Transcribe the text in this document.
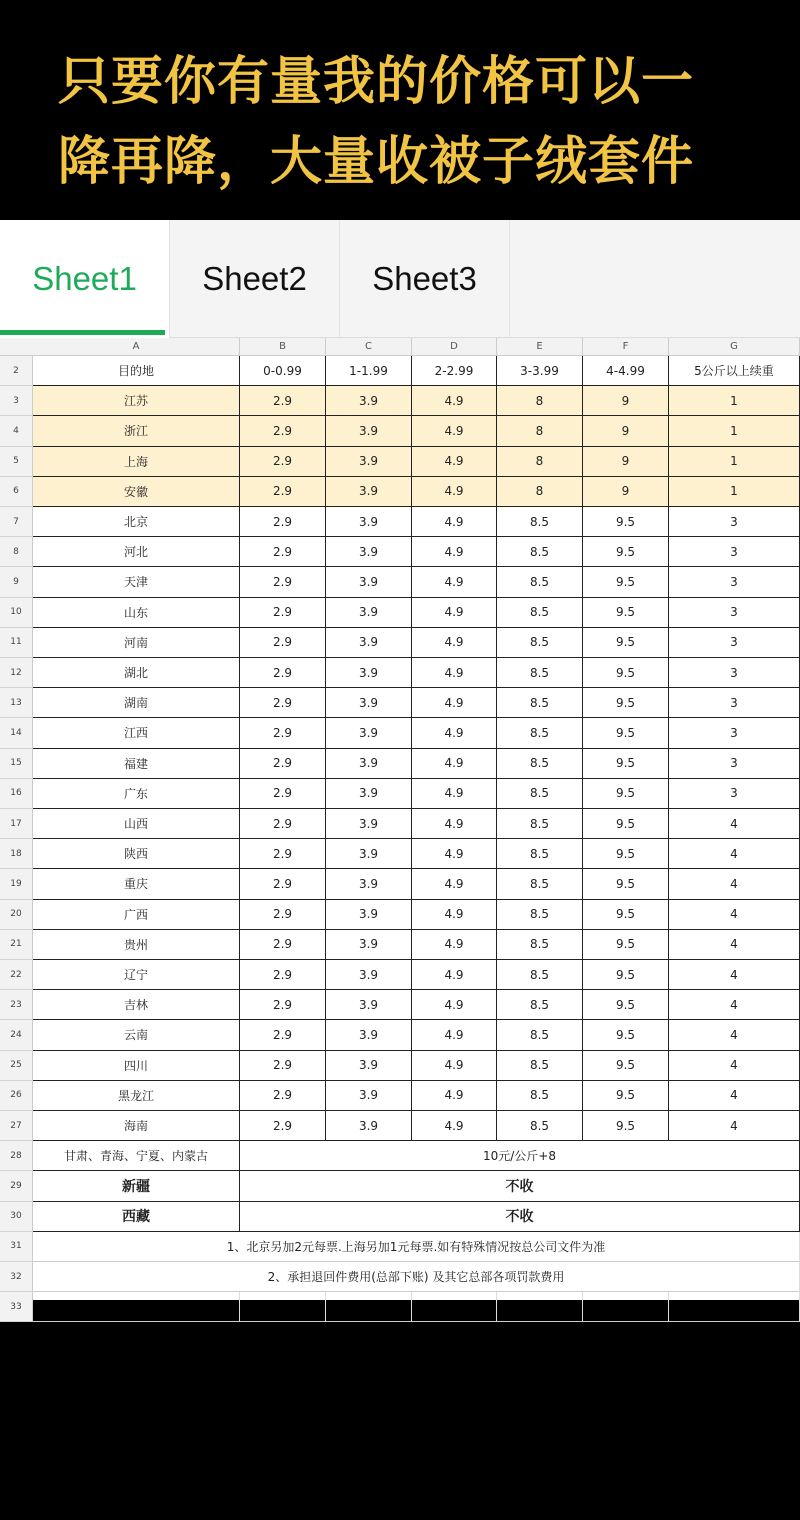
只要你有量我的价格可以一
降再降，大量收被子绒套件
Sheet1	Sheet2	Sheet3
A	B	C	D	E	F	G
2	目的地	0-0.99	1-1.99	2-2.99	3-3.99	4-4.99	5公斤以上续重
3	江苏	2.9	3.9	4.9	8	9	1
4	浙江	2.9	3.9	4.9	8	9	1
5	上海	2.9	3.9	4.9	8	9	1
6	安徽	2.9	3.9	4.9	8	9	1
7	北京	2.9	3.9	4.9	8.5	9.5	3
8	河北	2.9	3.9	4.9	8.5	9.5	3
9	天津	2.9	3.9	4.9	8.5	9.5	3
10	山东	2.9	3.9	4.9	8.5	9.5	3
11	河南	2.9	3.9	4.9	8.5	9.5	3
12	湖北	2.9	3.9	4.9	8.5	9.5	3
13	湖南	2.9	3.9	4.9	8.5	9.5	3
14	江西	2.9	3.9	4.9	8.5	9.5	3
15	福建	2.9	3.9	4.9	8.5	9.5	3
16	广东	2.9	3.9	4.9	8.5	9.5	3
17	山西	2.9	3.9	4.9	8.5	9.5	4
18	陕西	2.9	3.9	4.9	8.5	9.5	4
19	重庆	2.9	3.9	4.9	8.5	9.5	4
20	广西	2.9	3.9	4.9	8.5	9.5	4
21	贵州	2.9	3.9	4.9	8.5	9.5	4
22	辽宁	2.9	3.9	4.9	8.5	9.5	4
23	吉林	2.9	3.9	4.9	8.5	9.5	4
24	云南	2.9	3.9	4.9	8.5	9.5	4
25	四川	2.9	3.9	4.9	8.5	9.5	4
26	黑龙江	2.9	3.9	4.9	8.5	9.5	4
27	海南	2.9	3.9	4.9	8.5	9.5	4
28	甘肃、青海、宁夏、内蒙古	10元/公斤+8
29	新疆	不收
30	西藏	不收
31	1、北京另加2元每票.上海另加1元每票.如有特殊情况按总公司文件为准
32	2、承担退回件费用(总部下账) 及其它总部各项罚款费用
33
